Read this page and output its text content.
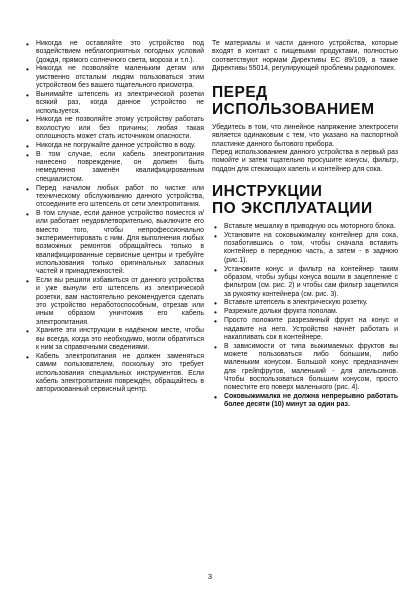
• Никогда не оставляйте это устройство под воздействием неблагоприятных погодных условий (дождя, прямого солнечного света, мороза и т.п.).
• Никогда не позволяйте маленьким детям или умственно отсталым людям пользоваться этим устройством без вашего тщательного присмотра.
• Вынимайте штепсель из электрической розетки всякий раз, когда данное устройство не используется.
• Никогда не позволяйте этому устройству работать вхолостую или без причины; любая такая оплошность может стать источником опасности.
• Никогда не погружайте данное устройство в воду.
• В том случае, если кабель электропитания нанесено повреждение, он должен быть немедленно заменён квалифицированным специалистом.
• Перед началом любых работ по чистке или техническому обслуживанию данного устройства, отсоедините его штепсель от сети электропитания.
• В том случае, если данное устройство поместся и/или работает неудовлетворительно, выключите его вместо того, чтобы непрофессионально экспериментировать с ним. Для выполнения любых возможных ремонтов обращайтесь только в квалифицированные сервисные центры и требуйте использования только оригинальных запасных частей и принадлежностей.
• Если вы решили избавиться от данного устройства и уже вынули его штепсель из электрической розетки, вам настоятельно рекомендуется сделать это устройство неработоспособным, отрезав или иным образом уничтожив его кабель электропитания.
• Храните эти инструкции в надёжном месте, чтобы вы всегда, когда это необходимо, могли обратиться к ним за справочными сведениями.
• Кабель электропитания не должен заменяться самим пользователем, поскольку это требует использования специальных инструментов. Если кабель электропитания повреждён, обращайтесь в авторизованный сервисный центр.

Те материалы и части данного устройства, которые входят в контакт с пищевыми продуктами, полностью соответствуют нормам Директивы ЕС 89/109, а также Директивы 55014, регулирующей проблемы радиопомех.

ПЕРЕД
ИСПОЛЬЗОВАНИЕМ

Убедитесь в том, что линейное напряжение электросети является одинаковым с тем, что указано на паспортной пластинке данного бытового прибора.

Перед использованием данного устройства в первый раз помойте и затем тщательно просушите конусы, фильтр, поддон для стекающих капель и контейнер для сока.

ИНСТРУКЦИИ
ПО ЭКСПЛУАТАЦИИ
• Вставьте мешалку в приводную ось моторного блока.
• Установите на соковыжималку контейнер для сока, позаботившись о том, чтобы сначала вставить контейнер в переднюю часть, а затем - в заднюю (рис.1).
• Установите конус и фильтр на контейнер таким образом, чтобы зубцы конуса вошли в зацепление с фильтром (см. рис. 2) и чтобы сам фильтр зацепился за рукоятку контейнера (см. рис. 3).
• Вставьте штепсель в электрическую розетку.
• Разрежьте дольки фрукта пополам.
• Просто положите разрезанный фрукт на конус и надавите на него. Устройство начнёт работать и накапливать сок в контейнере.
• В зависимости от типа выжимаемых фруктов вы можете пользоваться либо большим, либо маленьким конусом. Большой конус предназначен для грейпфрутов, маленький - для апельсинов. Чтобы воспользоваться большим конусом, просто поместите его поверх маленького (рис. 4).
• Соковыжималка не должна непрерывно работать более десяти (10) минут за один раз.
3
